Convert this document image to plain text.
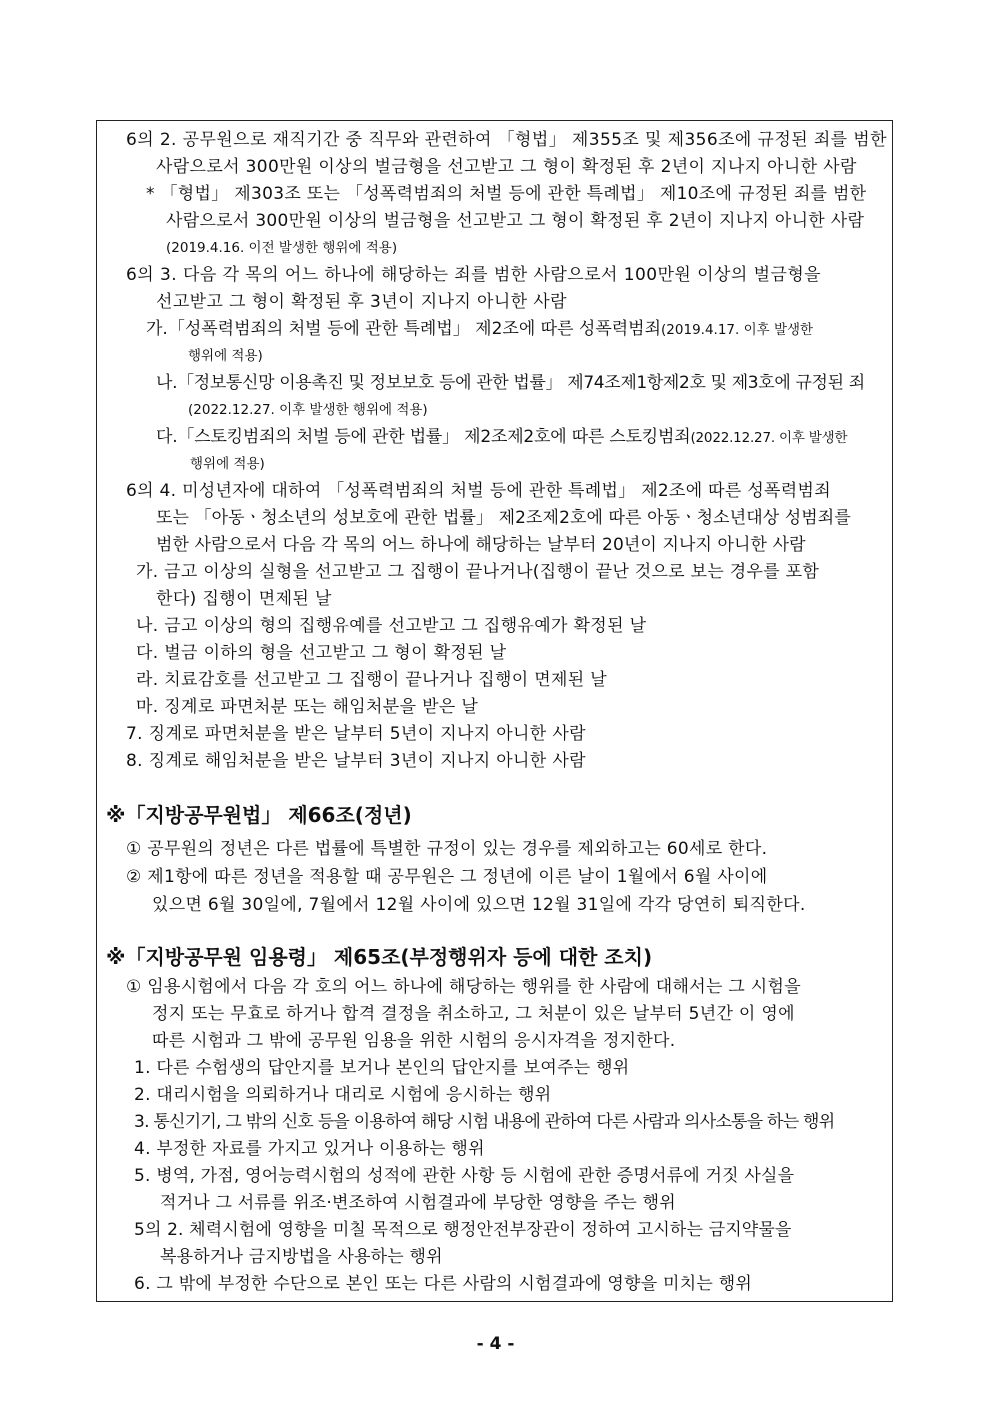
6의 2. 공무원으로 재직기간 중 직무와 관련하여 「형법」 제355조 및 제356조에 규정된 죄를 범한
사람으로서 300만원 이상의 벌금형을 선고받고 그 형이 확정된 후 2년이 지나지 아니한 사람
* 「형법」 제303조 또는 「성폭력범죄의 처벌 등에 관한 특례법」 제10조에 규정된 죄를 범한
사람으로서 300만원 이상의 벌금형을 선고받고 그 형이 확정된 후 2년이 지나지 아니한 사람
(2019.4.16. 이전 발생한 행위에 적용)
6의 3. 다음 각 목의 어느 하나에 해당하는 죄를 범한 사람으로서 100만원 이상의 벌금형을
선고받고 그 형이 확정된 후 3년이 지나지 아니한 사람
가.「성폭력범죄의 처벌 등에 관한 특례법」 제2조에 따른 성폭력범죄(2019.4.17. 이후 발생한
행위에 적용)
나.「정보통신망 이용촉진 및 정보보호 등에 관한 법률」 제74조제1항제2호 및 제3호에 규정된 죄
(2022.12.27. 이후 발생한 행위에 적용)
다.「스토킹범죄의 처벌 등에 관한 법률」 제2조제2호에 따른 스토킹범죄(2022.12.27. 이후 발생한
행위에 적용)
6의 4. 미성년자에 대하여 「성폭력범죄의 처벌 등에 관한 특례법」 제2조에 따른 성폭력범죄
또는 「아동ㆍ청소년의 성보호에 관한 법률」 제2조제2호에 따른 아동ㆍ청소년대상 성범죄를
범한 사람으로서 다음 각 목의 어느 하나에 해당하는 날부터 20년이 지나지 아니한 사람
가. 금고 이상의 실형을 선고받고 그 집행이 끝나거나(집행이 끝난 것으로 보는 경우를 포함
한다) 집행이 면제된 날
나. 금고 이상의 형의 집행유예를 선고받고 그 집행유예가 확정된 날
다. 벌금 이하의 형을 선고받고 그 형이 확정된 날
라. 치료감호를 선고받고 그 집행이 끝나거나 집행이 면제된 날
마. 징계로 파면처분 또는 해임처분을 받은 날
7. 징계로 파면처분을 받은 날부터 5년이 지나지 아니한 사람
8. 징계로 해임처분을 받은 날부터 3년이 지나지 아니한 사람
※「지방공무원법」 제66조(정년)
① 공무원의 정년은 다른 법률에 특별한 규정이 있는 경우를 제외하고는 60세로 한다.
② 제1항에 따른 정년을 적용할 때 공무원은 그 정년에 이른 날이 1월에서 6월 사이에
있으면 6월 30일에, 7월에서 12월 사이에 있으면 12월 31일에 각각 당연히 퇴직한다.
※「지방공무원 임용령」 제65조(부정행위자 등에 대한 조치)
① 임용시험에서 다음 각 호의 어느 하나에 해당하는 행위를 한 사람에 대해서는 그 시험을
정지 또는 무효로 하거나 합격 결정을 취소하고, 그 처분이 있은 날부터 5년간 이 영에
따른 시험과 그 밖에 공무원 임용을 위한 시험의 응시자격을 정지한다.
1. 다른 수험생의 답안지를 보거나 본인의 답안지를 보여주는 행위
2. 대리시험을 의뢰하거나 대리로 시험에 응시하는 행위
3. 통신기기, 그 밖의 신호 등을 이용하여 해당 시험 내용에 관하여 다른 사람과 의사소통을 하는 행위
4. 부정한 자료를 가지고 있거나 이용하는 행위
5. 병역, 가점, 영어능력시험의 성적에 관한 사항 등 시험에 관한 증명서류에 거짓 사실을
적거나 그 서류를 위조·변조하여 시험결과에 부당한 영향을 주는 행위
5의 2. 체력시험에 영향을 미칠 목적으로 행정안전부장관이 정하여 고시하는 금지약물을
복용하거나 금지방법을 사용하는 행위
6. 그 밖에 부정한 수단으로 본인 또는 다른 사람의 시험결과에 영향을 미치는 행위
- 4 -
